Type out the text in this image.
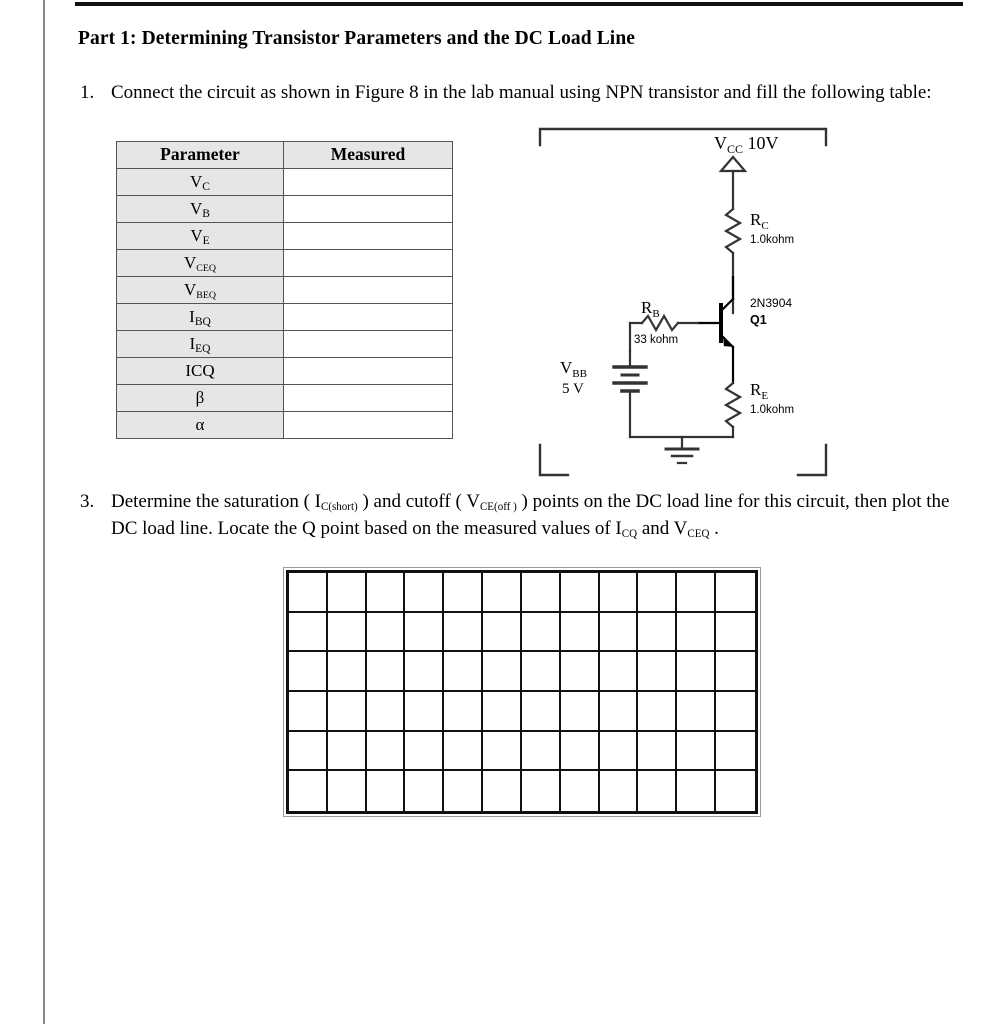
Part 1: Determining Transistor Parameters and the DC Load Line
1. Connect the circuit as shown in Figure 8 in the lab manual using NPN transistor and fill the following table:
Parameter	Measured
$V_C$	
$V_B$	
$V_E$	
$V_{CEQ}$	
$V_{BEQ}$	
$I_{BQ}$	
$I_{EQ}$	
ICQ	
β	
α	
$V_{CC}$ 10V
$R_C$
1.0kohm
2N3904
Q1
$R_B$
33 kohm
$V_{BB}$
5 V	$R_E$
1.0kohm
3. Determine the saturation ( $I_{C(short)}$ ) and cutoff ( $V_{CE(off )}$ ) points on the DC load line for this circuit, then plot the DC load line. Locate the Q point based on the measured values of $I_{CQ}$ and $V_{CEQ}$ .
